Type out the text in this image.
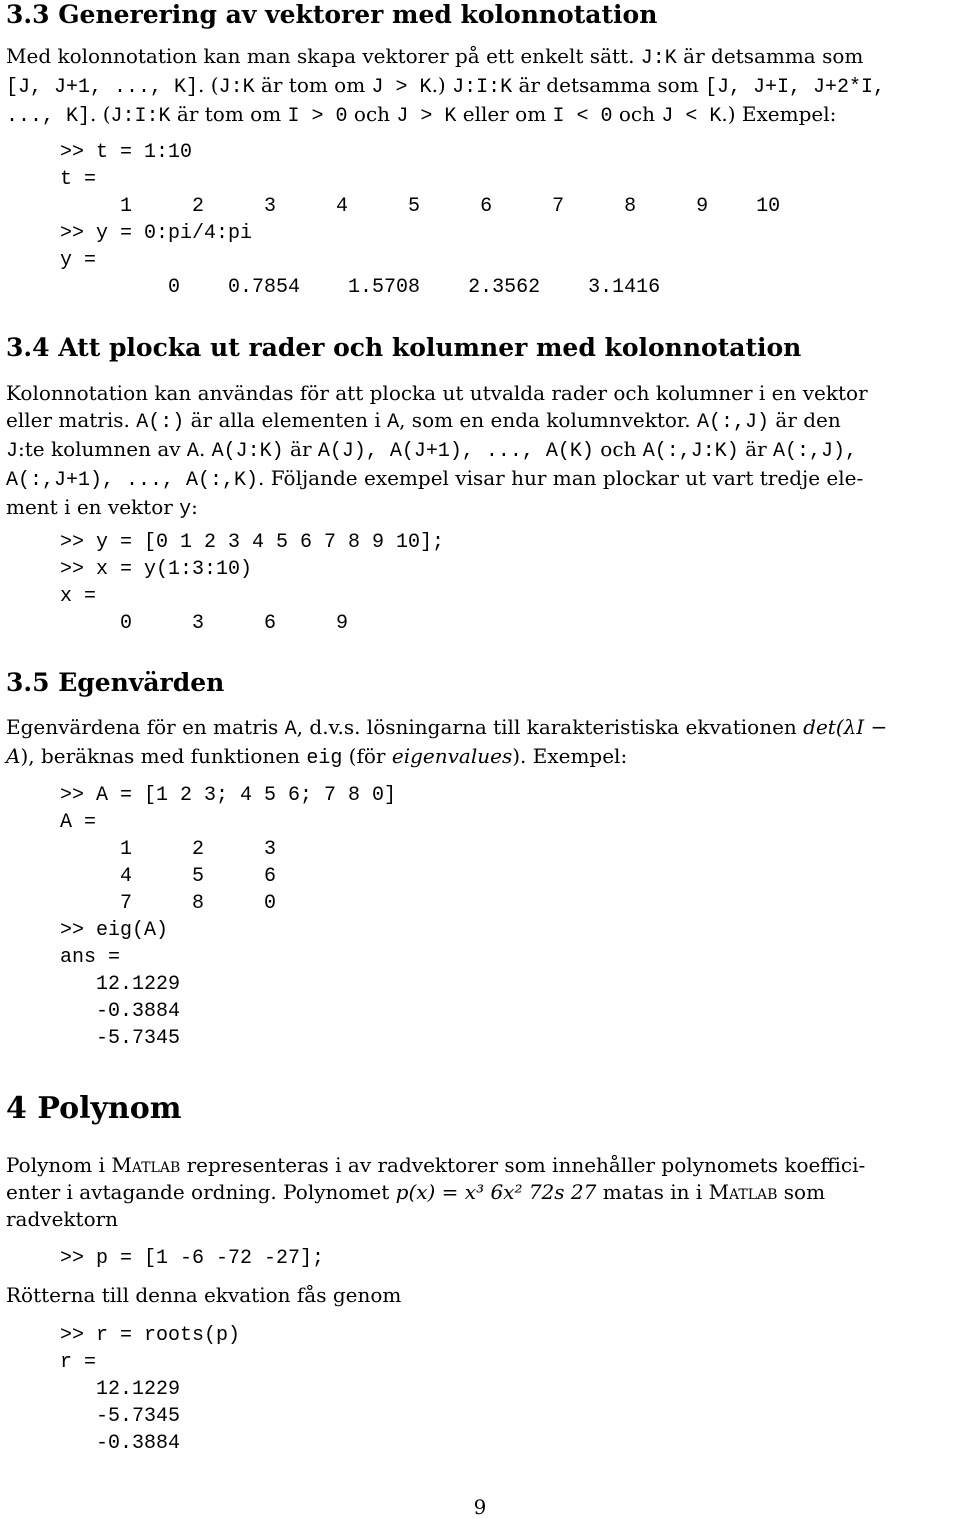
3.3 Generering av vektorer med kolonnotation
Med kolonnotation kan man skapa vektorer på ett enkelt sätt. J:K är detsamma som
[J, J+1, ..., K]. (J:K är tom om J > K.) J:I:K är detsamma som [J, J+I, J+2*I,
..., K]. (J:I:K är tom om I > 0 och J > K eller om I < 0 och J < K.) Exempel:
>> t = 1:10
t =
1     2     3     4     5     6     7     8     9    10
>> y = 0:pi/4:pi
y =
0    0.7854    1.5708    2.3562    3.1416
3.4 Att plocka ut rader och kolumner med kolonnotation
Kolonnotation kan användas för att plocka ut utvalda rader och kolumner i en vektor
eller matris. A(:) är alla elementen i A, som en enda kolumnvektor. A(:,J) är den
J:te kolumnen av A. A(J:K) är A(J), A(J+1), ..., A(K) och A(:,J:K) är A(:,J),
A(:,J+1), ..., A(:,K). Följande exempel visar hur man plockar ut vart tredje ele-
ment i en vektor y:
>> y = [0 1 2 3 4 5 6 7 8 9 10];
>> x = y(1:3:10)
x =
0     3     6     9
3.5 Egenvärden
Egenvärdena för en matris A, d.v.s. lösningarna till karakteristiska ekvationen det(λI −
A), beräknas med funktionen eig (för eigenvalues). Exempel:
>> A = [1 2 3; 4 5 6; 7 8 0]
A =
1     2     3
4     5     6
7     8     0
>> eig(A)
ans =
12.1229
-0.3884
-5.7345
4 Polynom
Polynom i Matlab representeras i av radvektorer som innehåller polynomets koeffici-
enter i avtagande ordning. Polynomet p(x) = x³ 6x² 72s 27 matas in i Matlab som
radvektorn
>> p = [1 -6 -72 -27];
Rötterna till denna ekvation fås genom
>> r = roots(p)
r =
12.1229
-5.7345
-0.3884
9
